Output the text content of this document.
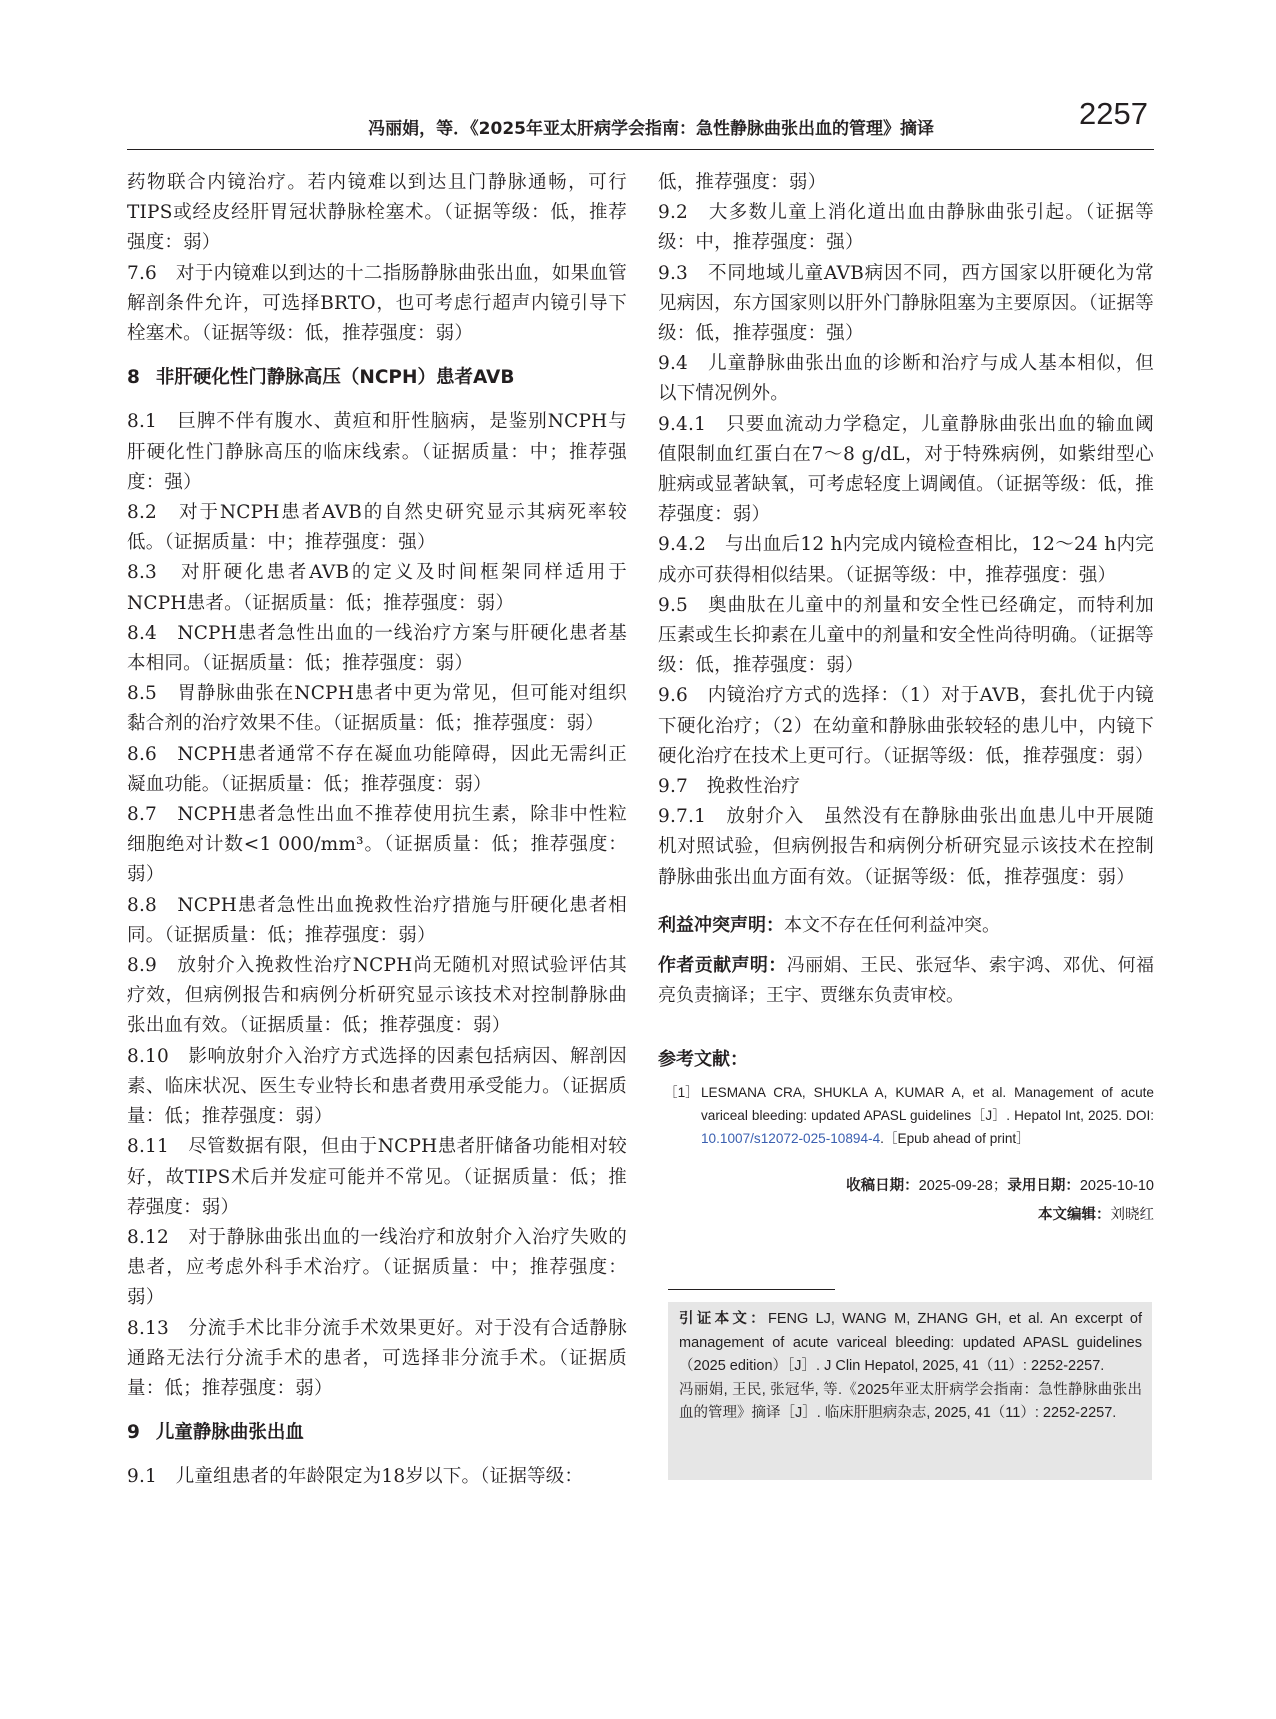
冯丽娟，等．《2025年亚太肝病学会指南：急性静脉曲张出血的管理》摘译	2257

药物联合内镜治疗。若内镜难以到达且门静脉通畅，可行TIPS或经皮经肝胃冠状静脉栓塞术。（证据等级：低，推荐强度：弱）

7.6　对于内镜难以到达的十二指肠静脉曲张出血，如果血管解剖条件允许，可选择BRTO，也可考虑行超声内镜引导下栓塞术。（证据等级：低，推荐强度：弱）

8 非肝硬化性门静脉高压（NCPH）患者AVB

8.1　巨脾不伴有腹水、黄疸和肝性脑病，是鉴别NCPH与肝硬化性门静脉高压的临床线索。（证据质量：中；推荐强度：强）

8.2　对于NCPH患者AVB的自然史研究显示其病死率较低。（证据质量：中；推荐强度：强）

8.3　对肝硬化患者AVB的定义及时间框架同样适用于NCPH患者。（证据质量：低；推荐强度：弱）

8.4　NCPH患者急性出血的一线治疗方案与肝硬化患者基本相同。（证据质量：低；推荐强度：弱）

8.5　胃静脉曲张在NCPH患者中更为常见，但可能对组织黏合剂的治疗效果不佳。（证据质量：低；推荐强度：弱）

8.6　NCPH患者通常不存在凝血功能障碍，因此无需纠正凝血功能。（证据质量：低；推荐强度：弱）

8.7　NCPH患者急性出血不推荐使用抗生素，除非中性粒细胞绝对计数<1 000/mm³。（证据质量：低；推荐强度：弱）

8.8　NCPH患者急性出血挽救性治疗措施与肝硬化患者相同。（证据质量：低；推荐强度：弱）

8.9　放射介入挽救性治疗NCPH尚无随机对照试验评估其疗效，但病例报告和病例分析研究显示该技术对控制静脉曲张出血有效。（证据质量：低；推荐强度：弱）

8.10　影响放射介入治疗方式选择的因素包括病因、解剖因素、临床状况、医生专业特长和患者费用承受能力。（证据质量：低；推荐强度：弱）

8.11　尽管数据有限，但由于NCPH患者肝储备功能相对较好，故TIPS术后并发症可能并不常见。（证据质量：低；推荐强度：弱）

8.12　对于静脉曲张出血的一线治疗和放射介入治疗失败的患者，应考虑外科手术治疗。（证据质量：中；推荐强度：弱）

8.13　分流手术比非分流手术效果更好。对于没有合适静脉通路无法行分流手术的患者，可选择非分流手术。（证据质量：低；推荐强度：弱）

9 儿童静脉曲张出血

9.1　儿童组患者的年龄限定为18岁以下。（证据等级：

低，推荐强度：弱）

9.2　大多数儿童上消化道出血由静脉曲张引起。（证据等级：中，推荐强度：强）

9.3　不同地域儿童AVB病因不同，西方国家以肝硬化为常见病因，东方国家则以肝外门静脉阻塞为主要原因。（证据等级：低，推荐强度：强）

9.4　儿童静脉曲张出血的诊断和治疗与成人基本相似，但以下情况例外。

9.4.1　只要血流动力学稳定，儿童静脉曲张出血的输血阈值限制血红蛋白在7～8 g/dL，对于特殊病例，如紫绀型心脏病或显著缺氧，可考虑轻度上调阈值。（证据等级：低，推荐强度：弱）

9.4.2　与出血后12 h内完成内镜检查相比，12～24 h内完成亦可获得相似结果。（证据等级：中，推荐强度：强）

9.5　奥曲肽在儿童中的剂量和安全性已经确定，而特利加压素或生长抑素在儿童中的剂量和安全性尚待明确。（证据等级：低，推荐强度：弱）

9.6　内镜治疗方式的选择：（1）对于AVB，套扎优于内镜下硬化治疗；（2）在幼童和静脉曲张较轻的患儿中，内镜下硬化治疗在技术上更可行。（证据等级：低，推荐强度：弱）

9.7　挽救性治疗

9.7.1　放射介入　虽然没有在静脉曲张出血患儿中开展随机对照试验，但病例报告和病例分析研究显示该技术在控制静脉曲张出血方面有效。（证据等级：低，推荐强度：弱）

利益冲突声明：本文不存在任何利益冲突。

作者贡献声明：冯丽娟、王民、张冠华、索宇鸿、邓优、何福亮负责摘译；王宇、贾继东负责审校。

参考文献：
［1］ LESMANA CRA, SHUKLA A, KUMAR A, et al. Management of acute variceal bleeding: updated APASL guidelines［J］. Hepatol Int, 2025. DOI: 10.1007/s12072-025-10894-4.［Epub ahead of print］
收稿日期：2025-09-28；录用日期：2025-10-10
本文编辑：刘晓红

引证本文：FENG LJ, WANG M, ZHANG GH, et al. An excerpt of management of acute variceal bleeding: updated APASL guidelines（2025 edition）［J］. J Clin Hepatol, 2025, 41（11）: 2252-2257.

冯丽娟, 王民, 张冠华, 等.《2025年亚太肝病学会指南：急性静脉曲张出血的管理》摘译［J］. 临床肝胆病杂志, 2025, 41（11）: 2252-2257.
